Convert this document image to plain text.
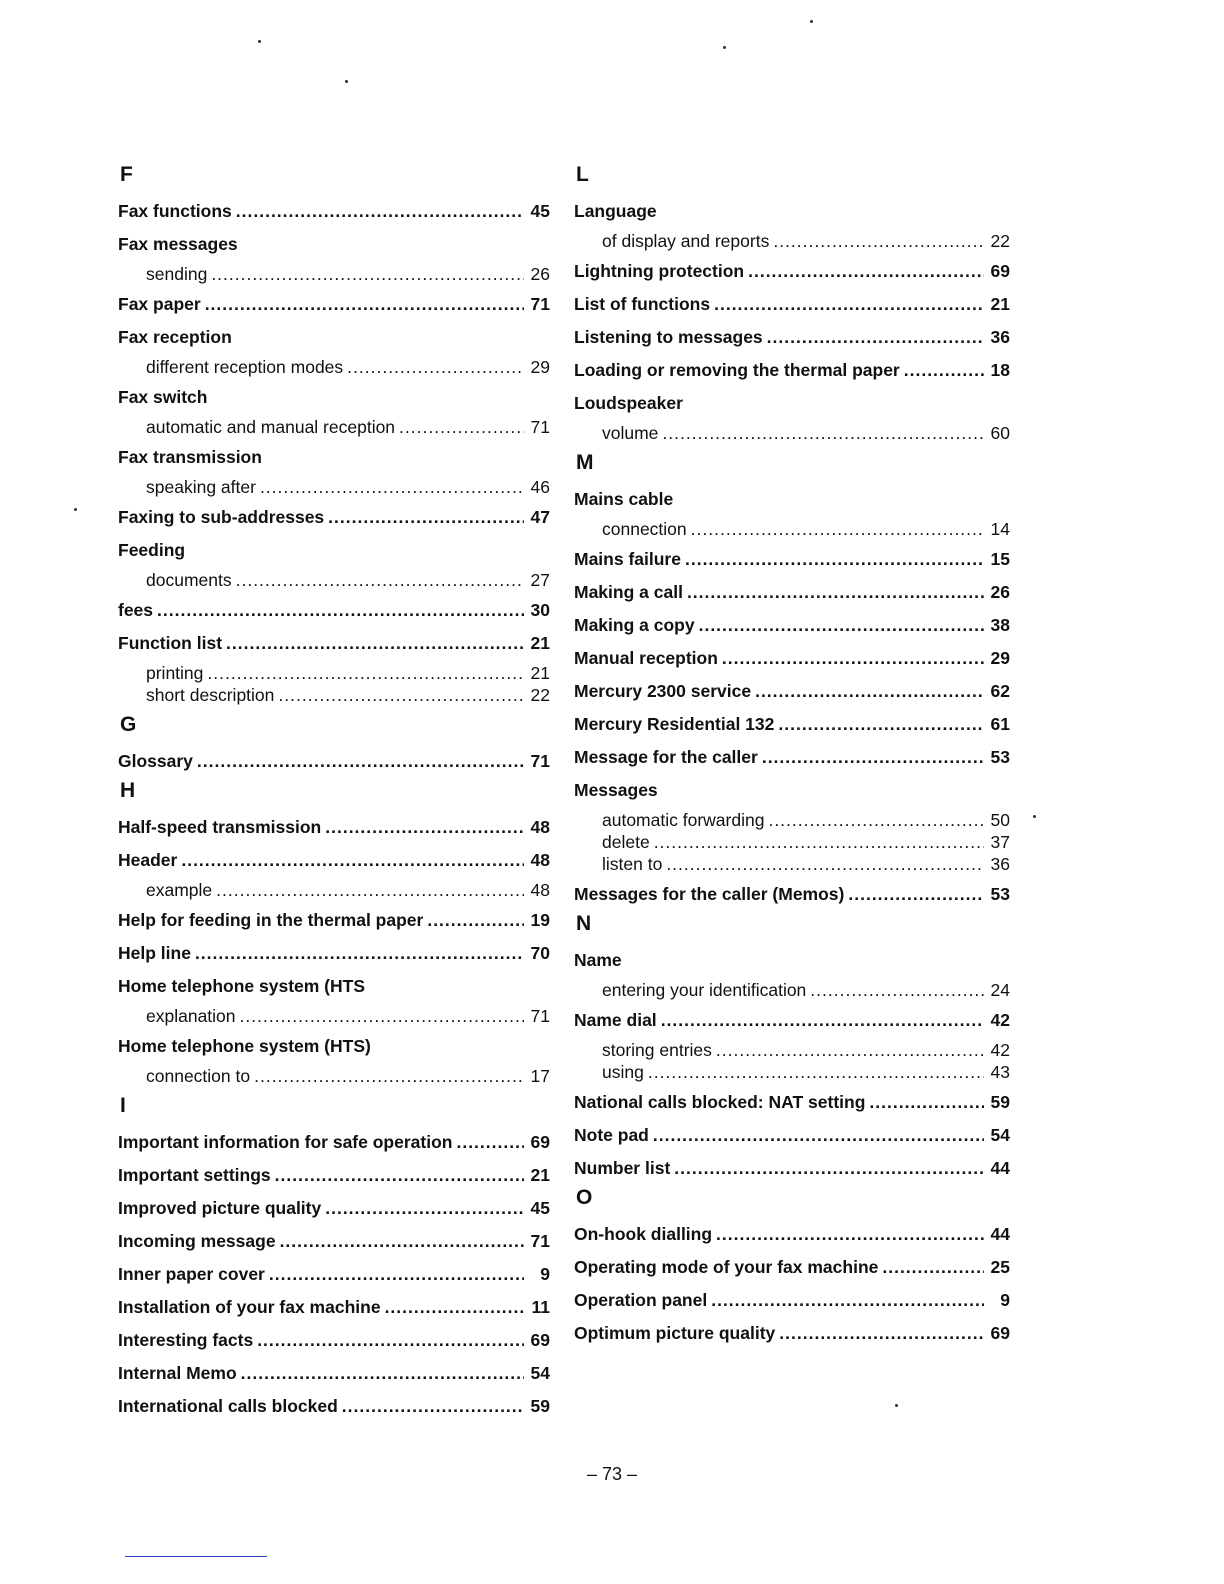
F
Fax functions .....	45
Fax messages
sending .....	26
Fax paper .....	71
Fax reception
different reception modes .....	29
Fax switch
automatic and manual reception .....	71
Fax transmission
speaking after .....	46
Faxing to sub-addresses .....	47
Feeding
documents .....	27
fees .....	30
Function list .....	21
printing .....	21
short description .....	22
G
Glossary .....	71
H
Half-speed transmission .....	48
Header .....	48
example .....	48
Help for feeding in the thermal paper .....	19
Help line .....	70
Home telephone system (HTS
explanation .....	71
Home telephone system (HTS)
connection to .....	17
I
Important information for safe operation .....	69
Important settings .....	21
Improved picture quality .....	45
Incoming message .....	71
Inner paper cover .....	9
Installation of your fax machine .....	11
Interesting facts .....	69
Internal Memo .....	54
International calls blocked .....	59
L
Language
of display and reports .....	22
Lightning protection .....	69
List of functions .....	21
Listening to messages .....	36
Loading or removing the thermal paper .....	18
Loudspeaker
volume .....	60
M
Mains cable
connection .....	14
Mains failure .....	15
Making a call .....	26
Making a copy .....	38
Manual reception .....	29
Mercury 2300 service .....	62
Mercury Residential 132 .....	61
Message for the caller .....	53
Messages
automatic forwarding .....	50
delete .....	37
listen to .....	36
Messages for the caller (Memos) .....	53
N
Name
entering your identification .....	24
Name dial .....	42
storing entries .....	42
using .....	43
National calls blocked: NAT setting .....	59
Note pad .....	54
Number list .....	44
O
On-hook dialling .....	44
Operating mode of your fax machine .....	25
Operation panel .....	9
Optimum picture quality .....	69
– 73 –
